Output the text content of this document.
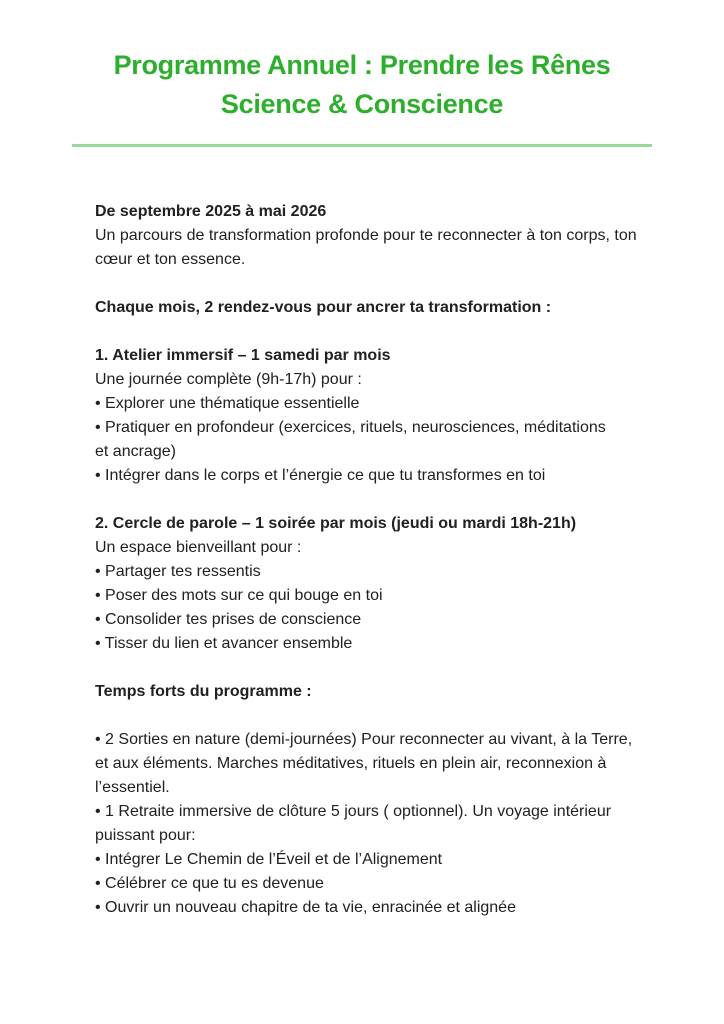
Programme Annuel : Prendre les Rênes
Science & Conscience
De septembre 2025 à mai 2026
Un parcours de transformation profonde pour te reconnecter à ton corps, ton
cœur et ton essence.
Chaque mois, 2 rendez-vous pour ancrer ta transformation :
1. Atelier immersif – 1 samedi par mois
Une journée complète (9h-17h) pour :
• Explorer une thématique essentielle
• Pratiquer en profondeur (exercices, rituels, neurosciences, méditations
et ancrage)
• Intégrer dans le corps et l’énergie ce que tu transformes en toi
2. Cercle de parole – 1 soirée par mois (jeudi ou mardi 18h-21h)
Un espace bienveillant pour :
• Partager tes ressentis
• Poser des mots sur ce qui bouge en toi
• Consolider tes prises de conscience
• Tisser du lien et avancer ensemble
Temps forts du programme :
• 2 Sorties en nature (demi-journées) Pour reconnecter au vivant, à la Terre,
et aux éléments. Marches méditatives, rituels en plein air, reconnexion à
l’essentiel.
• 1 Retraite immersive de clôture 5 jours ( optionnel). Un voyage intérieur
puissant pour:
• Intégrer Le Chemin de l’Éveil et de l’Alignement
• Célébrer ce que tu es devenue
• Ouvrir un nouveau chapitre de ta vie, enracinée et alignée
